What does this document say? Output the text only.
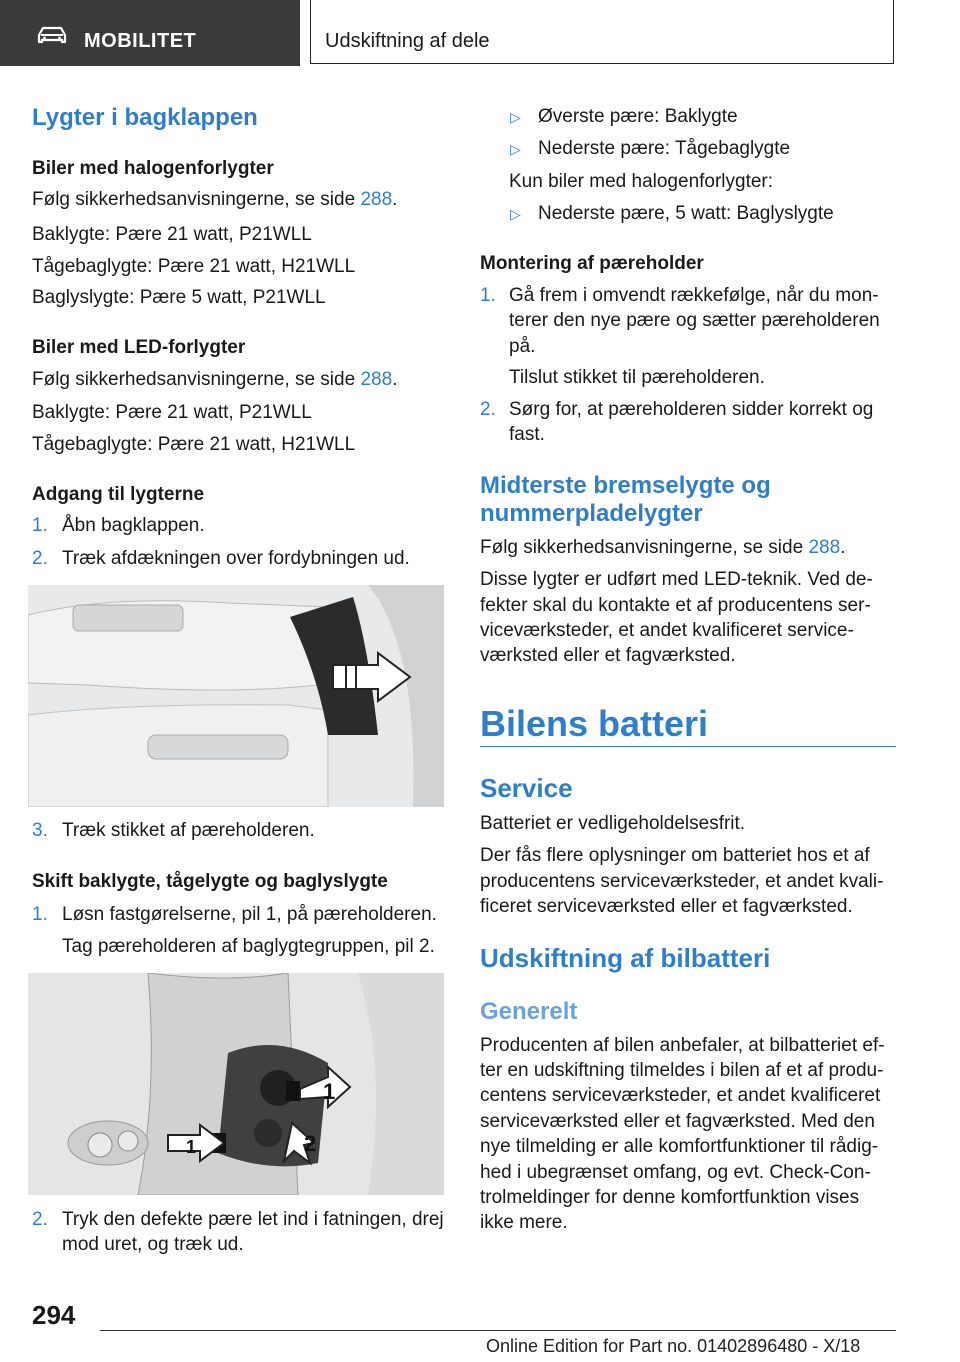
MOBILITET	Udskiftning af dele
Lygter i bagklappen
Biler med halogenforlygter
Følg sikkerhedsanvisningerne, se side 288.
Baklygte: Pære 21 watt, P21WLL
Tågebaglygte: Pære 21 watt, H21WLL
Baglyslygte: Pære 5 watt, P21WLL
Biler med LED-forlygter
Følg sikkerhedsanvisningerne, se side 288.
Baklygte: Pære 21 watt, P21WLL
Tågebaglygte: Pære 21 watt, H21WLL
Adgang til lygterne
1. Åbn bagklappen.
2. Træk afdækningen over fordybningen ud.
3. Træk stikket af pæreholderen.
Skift baklygte, tågelygte og baglyslygte
1. Løsn fastgørelserne, pil 1, på pæreholderen.
Tag pæreholderen af baglygtegruppen, pil 2.
1
1	2
2. Tryk den defekte pære let ind i fatningen, drej
mod uret, og træk ud.
▷ Øverste pære: Baklygte
▷ Nederste pære: Tågebaglygte
Kun biler med halogenforlygter:
▷ Nederste pære, 5 watt: Baglyslygte
Montering af pæreholder
1. Gå frem i omvendt rækkefølge, når du mon-
terer den nye pære og sætter pæreholderen
på.
Tilslut stikket til pæreholderen.
2. Sørg for, at pæreholderen sidder korrekt og
fast.
Midterste bremselygte og
nummerpladelygter
Følg sikkerhedsanvisningerne, se side 288.
Disse lygter er udført med LED-teknik. Ved de-
fekter skal du kontakte et af producentens ser-
viceværksteder, et andet kvalificeret service-
værksted eller et fagværksted.
Bilens batteri
Service
Batteriet er vedligeholdelsesfrit.
Der fås flere oplysninger om batteriet hos et af
producentens serviceværksteder, et andet kvali-
ficeret serviceværksted eller et fagværksted.
Udskiftning af bilbatteri
Generelt
Producenten af bilen anbefaler, at bilbatteriet ef-
ter en udskiftning tilmeldes i bilen af et af produ-
centens serviceværksteder, et andet kvalificeret
serviceværksted eller et fagværksted. Med den
nye tilmelding er alle komfortfunktioner til rådig-
hed i ubegrænset omfang, og evt. Check-Con-
trolmeldinger for denne komfortfunktion vises
ikke mere.
294
Online Edition for Part no. 01402896480 - X/18
